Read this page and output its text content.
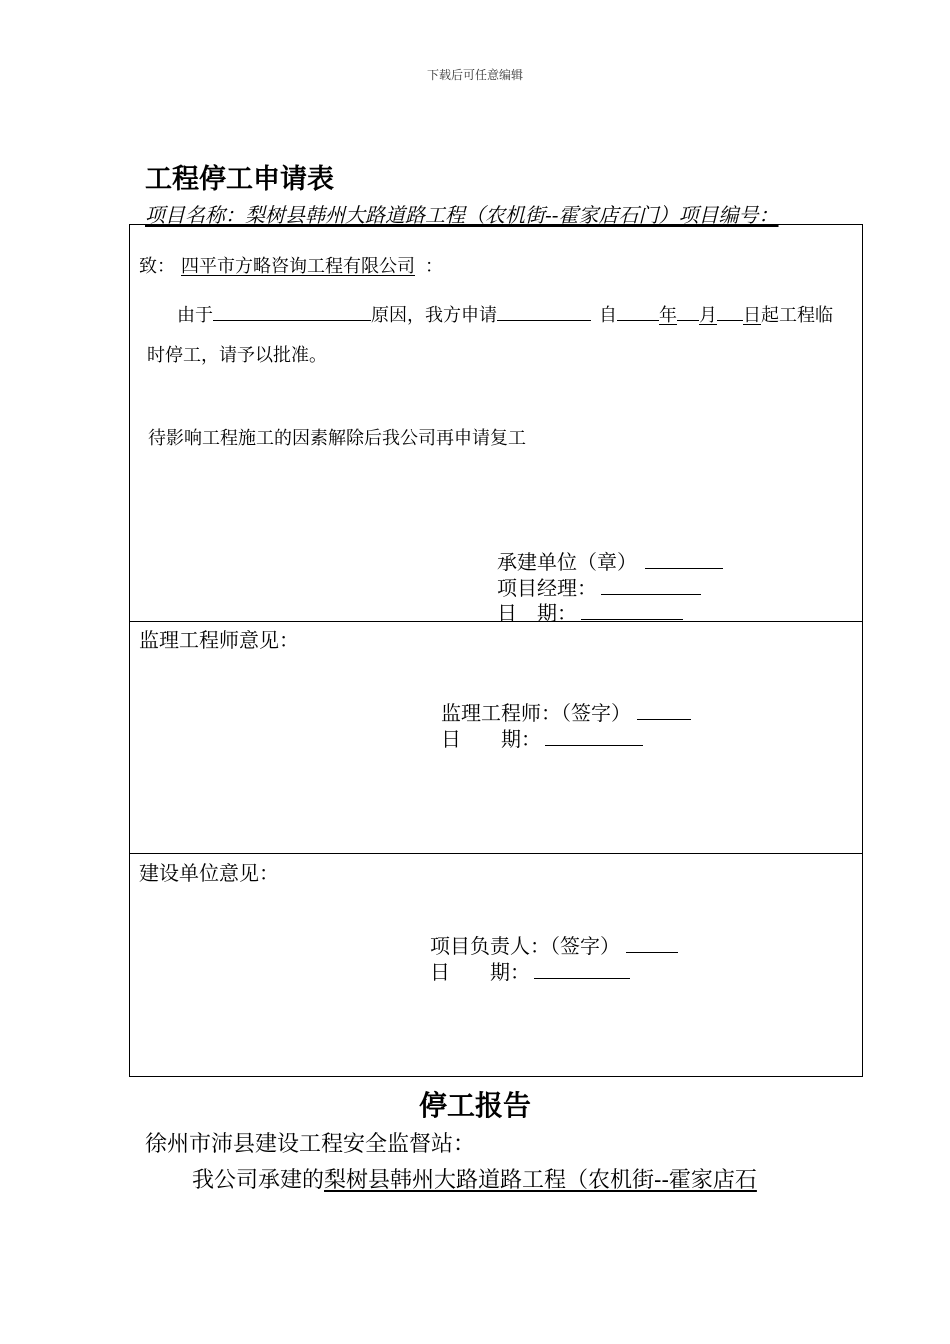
下载后可任意编辑
工程停工申请表
项目名称：梨树县韩州大路道路工程（农机街--霍家店石门）项目编号：
致： 四平市方略咨询工程有限公司 ：
由于	原因，我方申请	自 年 月 日起工程临
时停工，请予以批准。
待影响工程施工的因素解除后我公司再申请复工
承建单位（章）
项目经理：
日　期：
监理工程师意见：
监理工程师：（签字）
日　　期：
建设单位意见：
项目负责人：（签字）
日　　期：
停工报告
徐州市沛县建设工程安全监督站：
我公司承建的梨树县韩州大路道路工程（农机街--霍家店石
